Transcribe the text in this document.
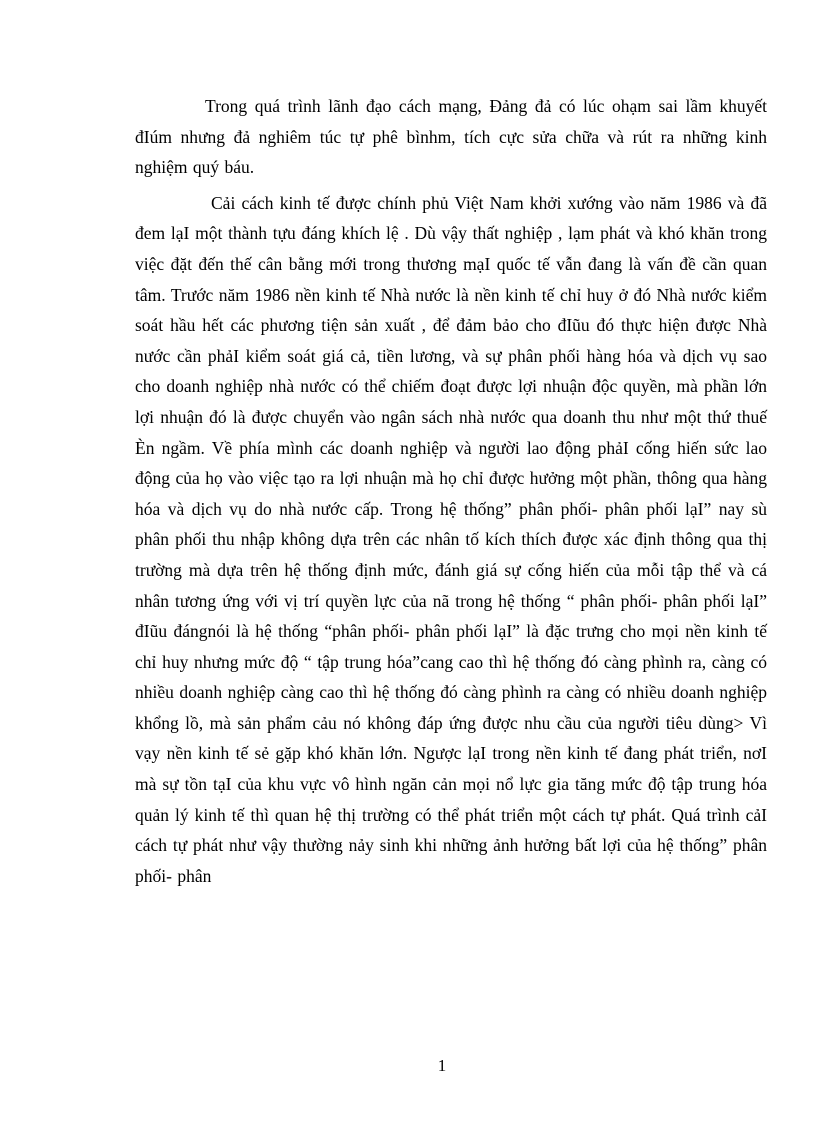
Trong quá trình lãnh đạo cách mạng, Đảng đả có lúc ohạm sai lầm khuyết đIúm nhưng đả nghiêm túc tự phê bìnhm, tích cực sửa chữa và rút ra những kinh nghiệm quý báu.

Cải cách kinh tế được chính phủ Việt Nam khởi xướng vào năm 1986 và đã đem lạI một thành tựu đáng khích lệ . Dù vậy thất nghiệp , lạm phát và khó khăn trong việc đặt đến thế cân bằng mới trong thương mạI quốc tế vẫn đang là vấn đề cần quan tâm. Trước năm 1986 nền kinh tế Nhà nước là nền kinh tế chỉ huy ở đó Nhà nước kiểm soát hầu hết các phương tiện sản xuất , để đảm bảo cho đIũu đó thực hiện được Nhà nước cần phảI kiểm soát giá cả, tiền lương, và sự phân phối hàng hóa và dịch vụ sao cho doanh nghiệp nhà nước có thể chiếm đoạt được lợi nhuận độc quyền, mà phần lớn lợi nhuận đó là được chuyển vào ngân sách nhà nước qua doanh thu như một thứ thuế Èn ngầm. Về phía mình các doanh nghiệp và người lao động phảI cống hiến sức lao động của họ vào việc tạo ra lợi nhuận mà họ chỉ được hưởng một phần, thông qua hàng hóa và dịch vụ do nhà nước cấp. Trong hệ thống” phân phối- phân phối lạI” nay sù phân phối thu nhập không dựa trên các nhân tố kích thích được xác định thông qua thị trường mà dựa trên hệ thống định mức, đánh giá sự cống hiến của mỗi tập thể và cá nhân tương ứng với vị trí quyền lực của nã trong hệ thống “ phân phối- phân phối lạI” đIũu đángnói là hệ thống “phân phối- phân phối lạI” là đặc trưng cho mọi nền kinh tế chỉ huy nhưng mức độ “ tập trung hóa”cang cao thì hệ thống đó càng phình ra, càng có nhiều doanh nghiệp càng cao thì hệ thống đó càng phình ra càng có nhiều doanh nghiệp khổng lồ, mà sản phẩm cảu nó không đáp ứng được nhu cầu của người tiêu dùng> Vì vạy nền kinh tế sẻ gặp khó khăn lớn. Ngược lạI trong nền kinh tế đang phát triển, nơI mà sự tồn tạI của khu vực vô hình ngăn cản mọi nổ lực gia tăng mức độ tập trung hóa quản lý kinh tế thì quan hệ thị trường có thể phát triển một cách tự phát. Quá trình cảI cách tự phát như vậy thường nảy sinh khi những ảnh hưởng bất lợi của hệ thống” phân phối- phân

1
